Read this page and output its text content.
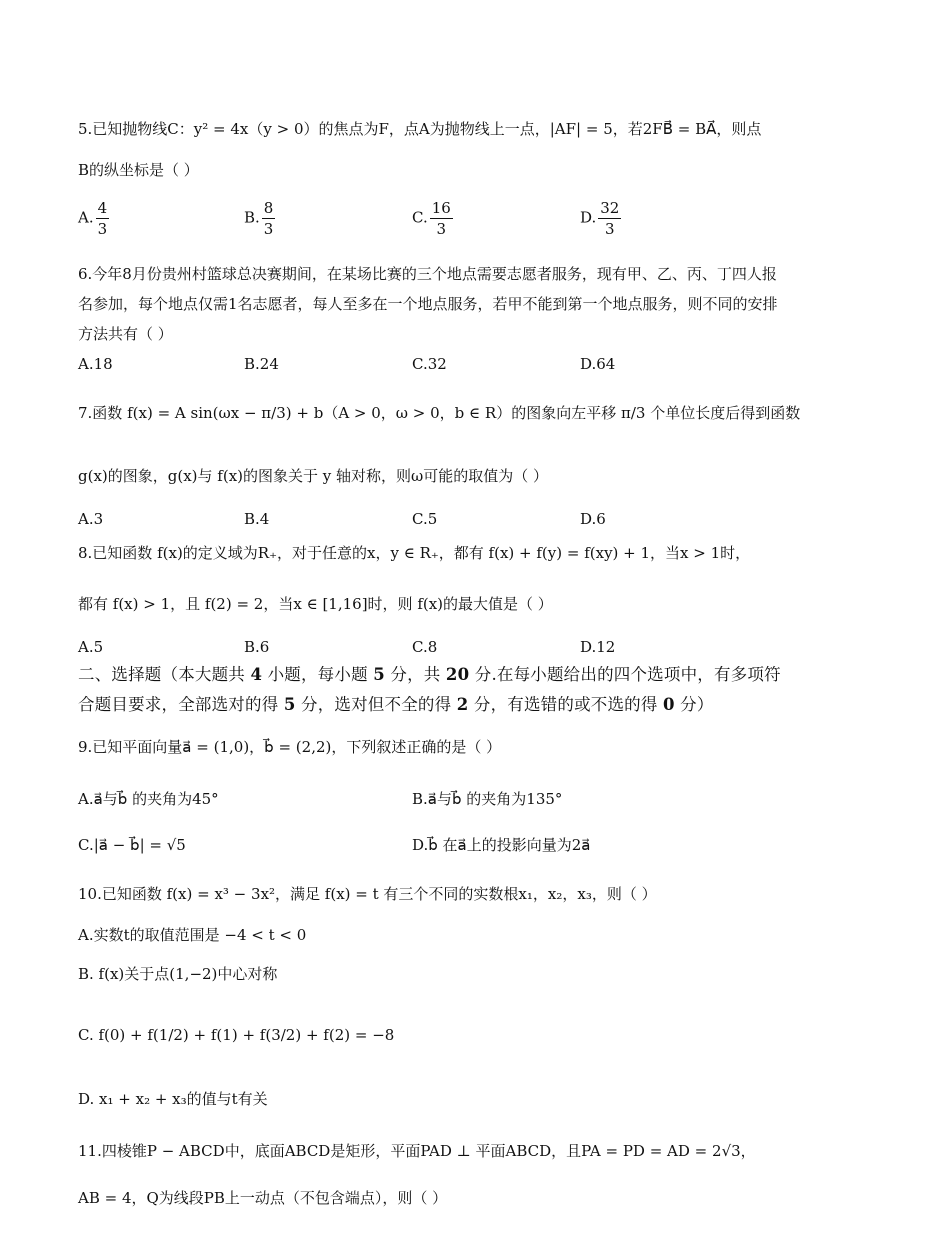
5.已知抛物线C：y² = 4x（y > 0）的焦点为F，点A为抛物线上一点，|AF| = 5，若2FB⃗ = BA⃗，则点
B的纵坐标是（ ）
A. $\frac{4}{3}$	B. $\frac{8}{3}$	C. $\frac{16}{3}$	D. $\frac{32}{3}$
6.今年8月份贵州村篮球总决赛期间，在某场比赛的三个地点需要志愿者服务，现有甲、乙、丙、丁四人报
名参加，每个地点仅需1名志愿者，每人至多在一个地点服务，若甲不能到第一个地点服务，则不同的安排
方法共有（ ）
A.18	B.24	C.32	D.64
7.函数 f(x) = A sin(ωx − π/3) + b（A > 0，ω > 0，b ∈ R）的图象向左平移 π/3 个单位长度后得到函数
g(x)的图象，g(x)与 f(x)的图象关于 y 轴对称，则ω可能的取值为（ ）
A.3	B.4	C.5	D.6
8.已知函数 f(x)的定义域为R₊，对于任意的x，y ∈ R₊，都有 f(x) + f(y) = f(xy) + 1，当x > 1时，
都有 f(x) > 1，且 f(2) = 2，当x ∈ [1,16]时，则 f(x)的最大值是（ ）
A.5	B.6	C.8	D.12
二、选择题（本大题共 4 小题，每小题 5 分，共 20 分.在每小题给出的四个选项中，有多项符
合题目要求，全部选对的得 5 分，选对但不全的得 2 分，有选错的或不选的得 0 分）
9.已知平面向量a⃗ = (1,0)，b⃗ = (2,2)，下列叙述正确的是（ ）
A.a⃗与b⃗ 的夹角为45°	B.a⃗与b⃗ 的夹角为135°
C.|a⃗ − b⃗| = √5	D.b⃗ 在a⃗上的投影向量为2a⃗
10.已知函数 f(x) = x³ − 3x²，满足 f(x) = t 有三个不同的实数根x₁，x₂，x₃，则（ ）
A.实数t的取值范围是 −4 < t < 0
B. f(x)关于点(1,−2)中心对称
C. f(0) + f(1/2) + f(1) + f(3/2) + f(2) = −8
D. x₁ + x₂ + x₃的值与t有关
11.四棱锥P − ABCD中，底面ABCD是矩形，平面PAD ⊥ 平面ABCD，且PA = PD = AD = 2√3，
AB = 4，Q为线段PB上一动点（不包含端点），则（ ）
